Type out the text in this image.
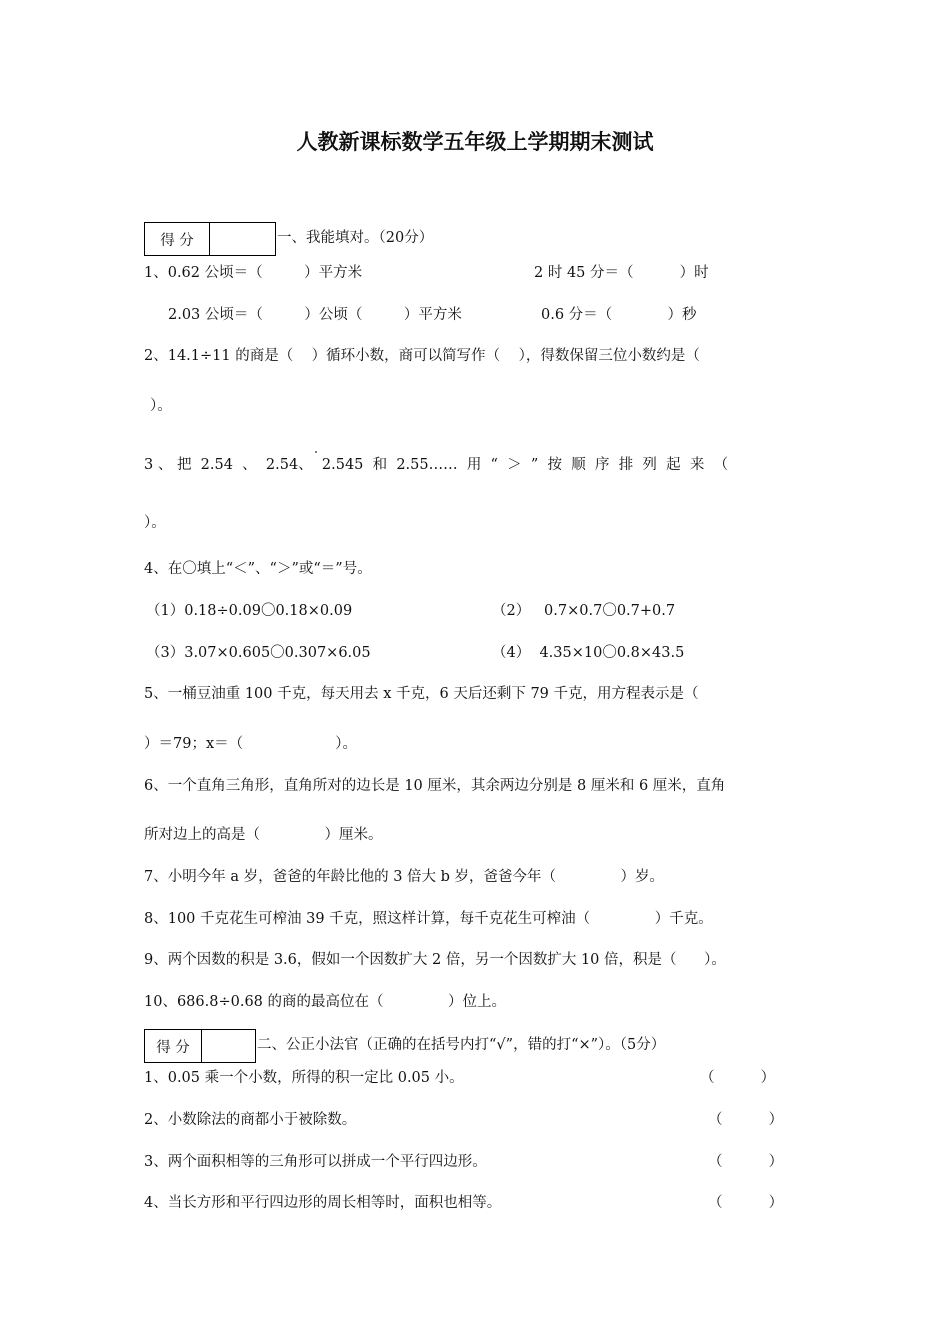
人教新课标数学五年级上学期期末测试
得 分	一、我能填对。（20分）
1、0.62 公顷＝（         ）平方米	2 时 45 分＝（          ）时
2.03 公顷＝（         ）公顷（         ）平方米	0.6 分＝（            ）秒
2、14.1÷11 的商是（    ）循环小数，商可以简写作（    ），得数保留三位小数约是（
）。
3 、 把  2.54  、  2.54、  2.545  和  2.55……  用  “  ＞  ”  按  顺  序  排  列  起  来  （
）。
4、在〇填上“＜”、“＞”或“＝”号。
（1）0.18÷0.09〇0.18×0.09	（2）   0.7×0.7〇0.7+0.7
（3）3.07×0.605〇0.307×6.05	（4）  4.35×10〇0.8×43.5
5、一桶豆油重 100 千克，每天用去 x 千克，6 天后还剩下 79 千克，用方程表示是（
）＝79；x＝（                    ）。
6、一个直角三角形，直角所对的边长是 10 厘米，其余两边分别是 8 厘米和 6 厘米，直角
所对边上的高是（              ）厘米。
7、小明今年 a 岁，爸爸的年龄比他的 3 倍大 b 岁，爸爸今年（              ）岁。
8、100 千克花生可榨油 39 千克，照这样计算，每千克花生可榨油（              ）千克。
9、两个因数的积是 3.6，假如一个因数扩大 2 倍，另一个因数扩大 10 倍，积是（      ）。
10、686.8÷0.68 的商的最高位在（              ）位上。
得 分	二、公正小法官（正确的在括号内打“√”，错的打“×”）。（5分）
1、0.05 乘一个小数，所得的积一定比 0.05 小。	（          ）
2、小数除法的商都小于被除数。	（          ）
3、两个面积相等的三角形可以拼成一个平行四边形。	（          ）
4、当长方形和平行四边形的周长相等时，面积也相等。	（          ）
